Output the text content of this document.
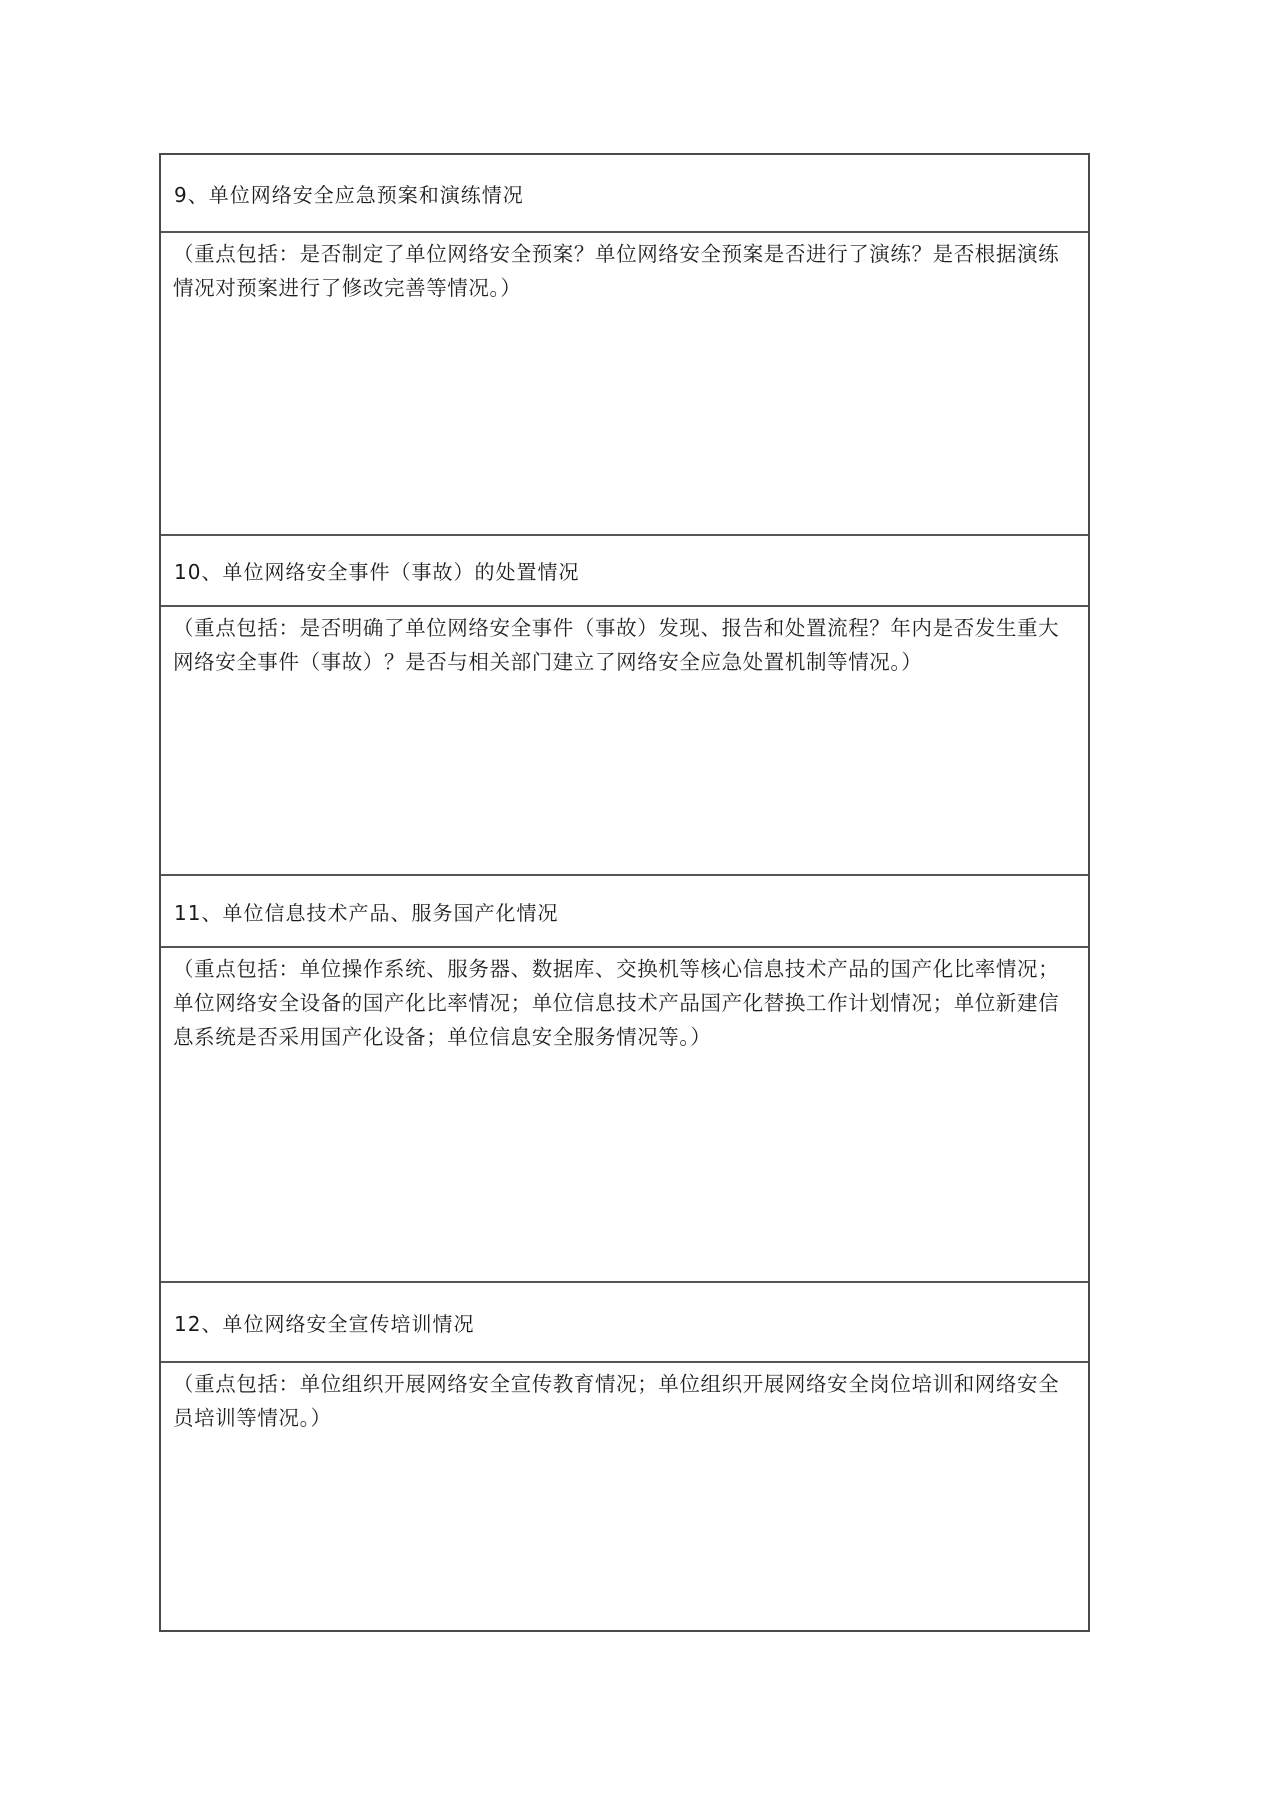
9、单位网络安全应急预案和演练情况
（重点包括：是否制定了单位网络安全预案？单位网络安全预案是否进行了演练？是否根据演练情况对预案进行了修改完善等情况。）
10、单位网络安全事件（事故）的处置情况
（重点包括：是否明确了单位网络安全事件（事故）发现、报告和处置流程？年内是否发生重大网络安全事件（事故）？是否与相关部门建立了网络安全应急处置机制等情况。）
11、单位信息技术产品、服务国产化情况
（重点包括：单位操作系统、服务器、数据库、交换机等核心信息技术产品的国产化比率情况；单位网络安全设备的国产化比率情况；单位信息技术产品国产化替换工作计划情况；单位新建信息系统是否采用国产化设备；单位信息安全服务情况等。）
12、单位网络安全宣传培训情况
（重点包括：单位组织开展网络安全宣传教育情况；单位组织开展网络安全岗位培训和网络安全员培训等情况。）
